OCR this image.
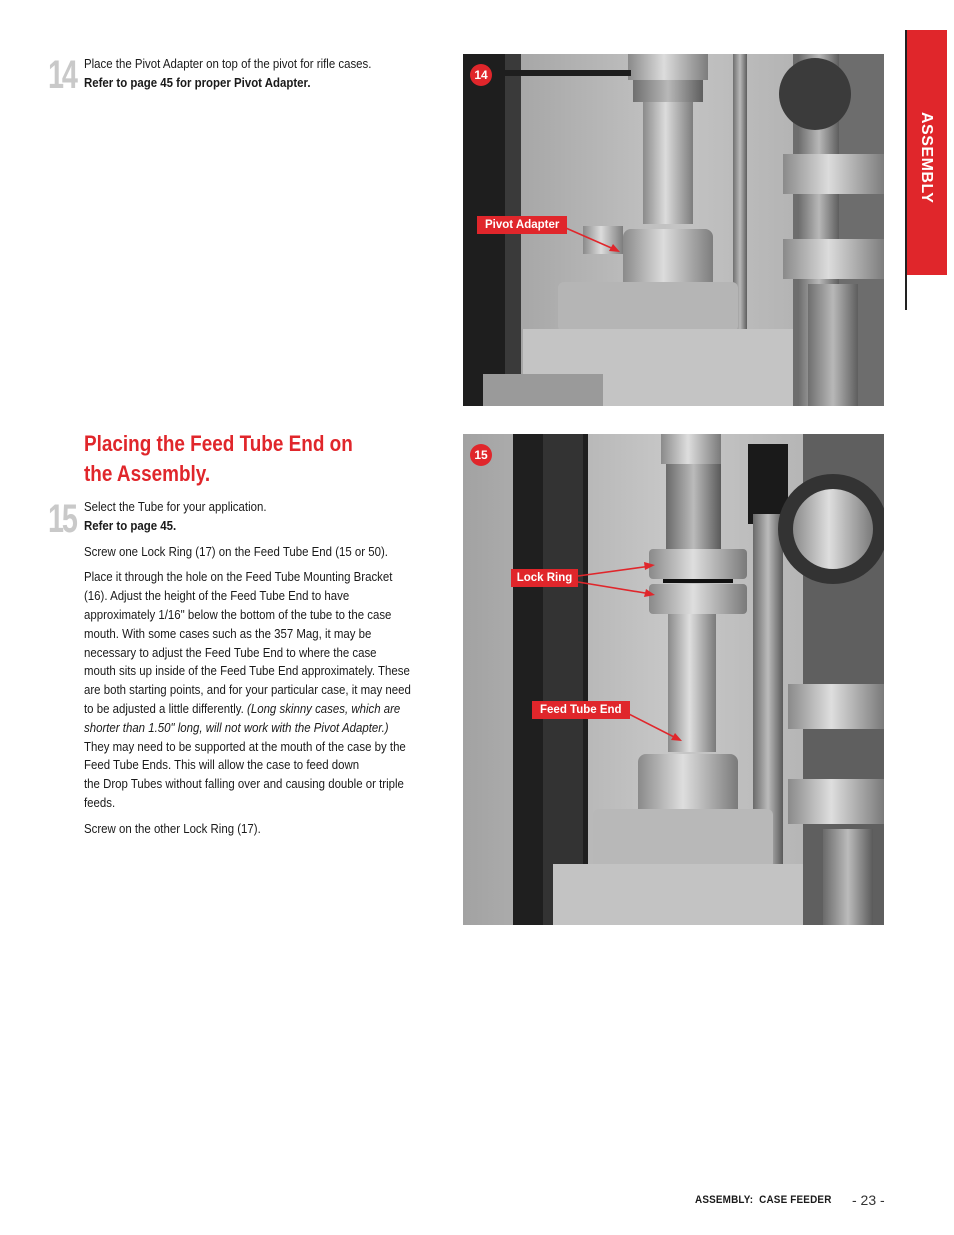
ASSEMBLY
14 Place the Pivot Adapter on top of the pivot for rifle cases.
Refer to page 45 for proper Pivot Adapter.	14
Pivot Adapter
Placing the Feed Tube End on
the Assembly.
15 Select the Tube for your application.
Refer to page 45.

Screw one Lock Ring (17) on the Feed Tube End (15 or 50).

Place it through the hole on the Feed Tube Mounting Bracket (16). Adjust the height of the Feed Tube End to have approximately 1/16" below the bottom of the tube to the case mouth. With some cases such as the 357 Mag, it may be necessary to adjust the Feed Tube End to where the case mouth sits up inside of the Feed Tube End approximately. These are both starting points, and for your particular case, it may need to be adjusted a little differently. (Long skinny cases, which are shorter than 1.50" long, will not work with the Pivot Adapter.) They may need to be supported at the mouth of the case by the Feed Tube Ends. This will allow the case to feed down

the Drop Tubes without falling over and causing double or triple feeds.

Screw on the other Lock Ring (17).

15
Lock Ring
Feed Tube End
ASSEMBLY:  CASE FEEDER - 23 -
